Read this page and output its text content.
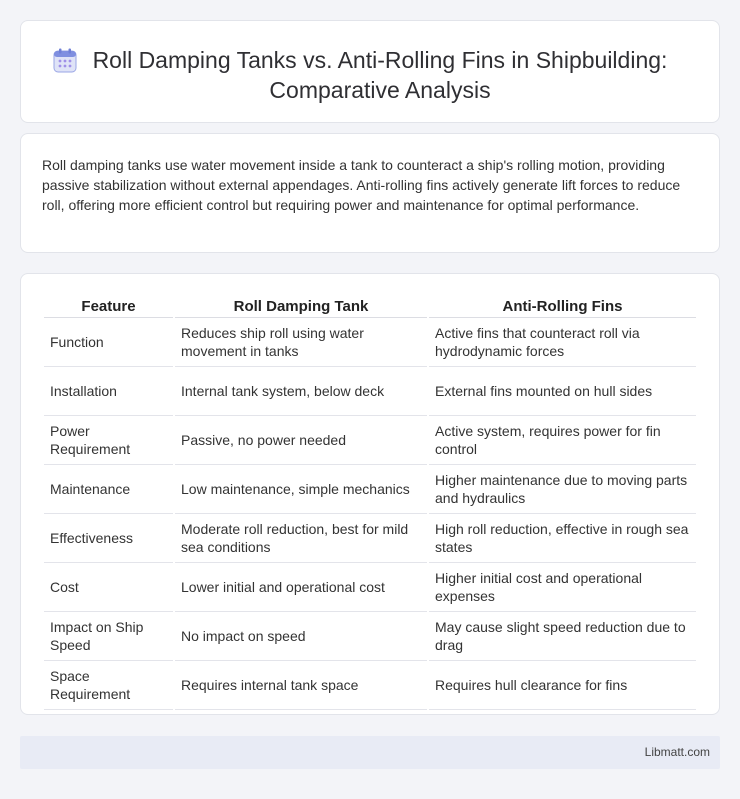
Roll Damping Tanks vs. Anti-Rolling Fins in Shipbuilding: Comparative Analysis

Roll damping tanks use water movement inside a tank to counteract a ship's rolling motion, providing passive stabilization without external appendages. Anti-rolling fins actively generate lift forces to reduce roll, offering more efficient control but requiring power and maintenance for optimal performance.

Feature	Roll Damping Tank	Anti-Rolling Fins
Function	Reduces ship roll using water movement in tanks	Active fins that counteract roll via hydrodynamic forces
Installation	Internal tank system, below deck	External fins mounted on hull sides
Power Requirement	Passive, no power needed	Active system, requires power for fin control
Maintenance	Low maintenance, simple mechanics	Higher maintenance due to moving parts and hydraulics
Effectiveness	Moderate roll reduction, best for mild sea conditions	High roll reduction, effective in rough sea states
Cost	Lower initial and operational cost	Higher initial cost and operational expenses
Impact on Ship Speed	No impact on speed	May cause slight speed reduction due to drag
Space Requirement	Requires internal tank space	Requires hull clearance for fins
Libmatt.com
